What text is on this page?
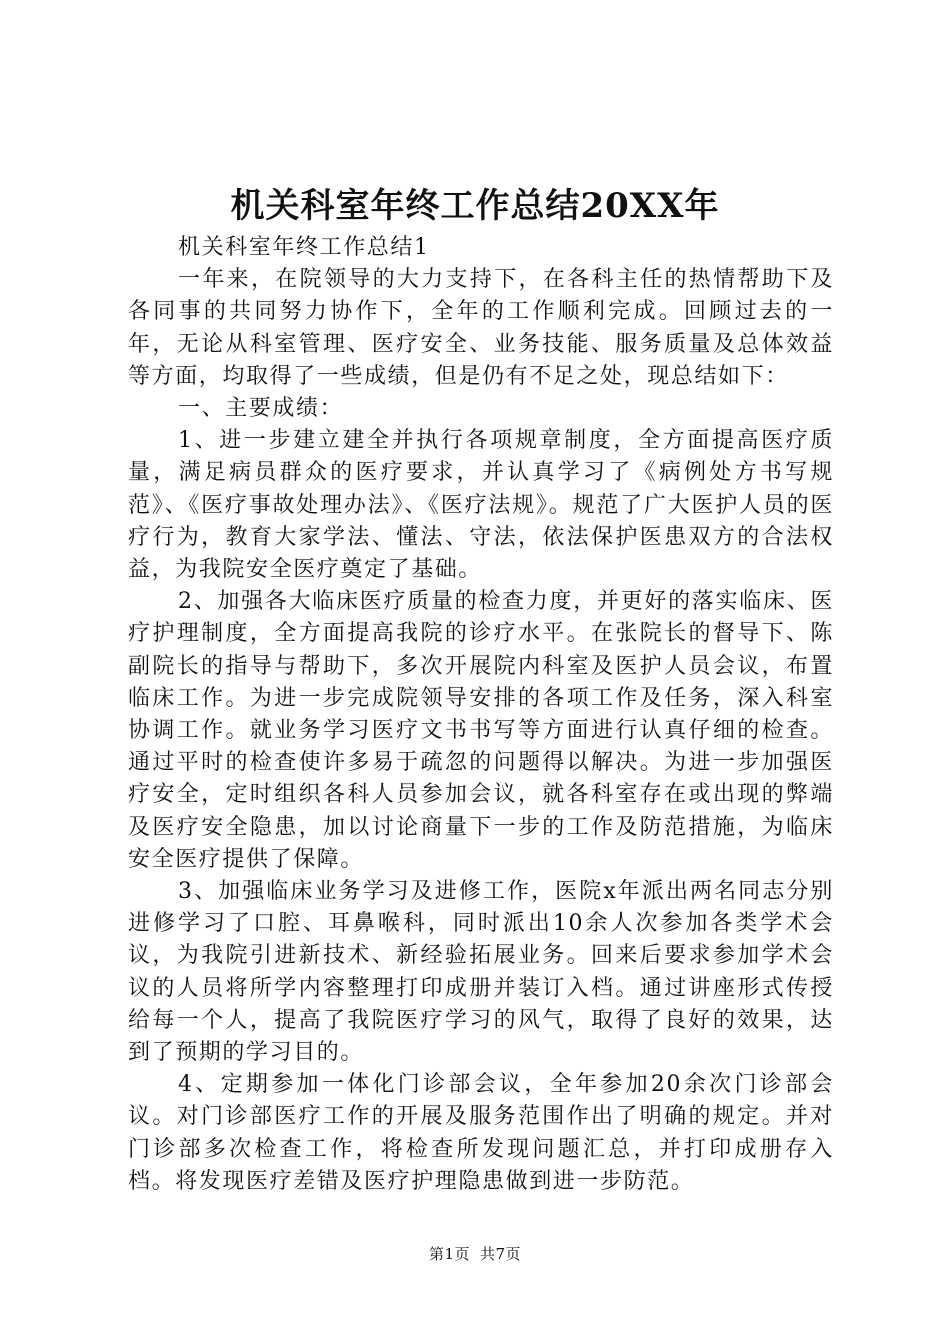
机关科室年终工作总结20XX年

机关科室年终工作总结1

一年来，在院领导的大力支持下，在各科主任的热情帮助下及各同事的共同努力协作下，全年的工作顺利完成。回顾过去的一年，无论从科室管理、医疗安全、业务技能、服务质量及总体效益等方面，均取得了一些成绩，但是仍有不足之处，现总结如下：

一、主要成绩：

1、进一步建立建全并执行各项规章制度，全方面提高医疗质量，满足病员群众的医疗要求，并认真学习了《病例处方书写规范》、《医疗事故处理办法》、《医疗法规》。规范了广大医护人员的医疗行为，教育大家学法、懂法、守法，依法保护医患双方的合法权益，为我院安全医疗奠定了基础。

2、加强各大临床医疗质量的检查力度，并更好的落实临床、医疗护理制度，全方面提高我院的诊疗水平。在张院长的督导下、陈副院长的指导与帮助下，多次开展院内科室及医护人员会议，布置临床工作。为进一步完成院领导安排的各项工作及任务，深入科室协调工作。就业务学习医疗文书书写等方面进行认真仔细的检查。通过平时的检查使许多易于疏忽的问题得以解决。为进一步加强医疗安全，定时组织各科人员参加会议，就各科室存在或出现的弊端及医疗安全隐患，加以讨论商量下一步的工作及防范措施，为临床安全医疗提供了保障。

3、加强临床业务学习及进修工作，医院x年派出两名同志分别进修学习了口腔、耳鼻喉科，同时派出10余人次参加各类学术会议，为我院引进新技术、新经验拓展业务。回来后要求参加学术会议的人员将所学内容整理打印成册并装订入档。通过讲座形式传授给每一个人，提高了我院医疗学习的风气，取得了良好的效果，达到了预期的学习目的。

4、定期参加一体化门诊部会议，全年参加20余次门诊部会议。对门诊部医疗工作的开展及服务范围作出了明确的规定。并对门诊部多次检查工作，将检查所发现问题汇总，并打印成册存入档。将发现医疗差错及医疗护理隐患做到进一步防范。

第1页 共7页
